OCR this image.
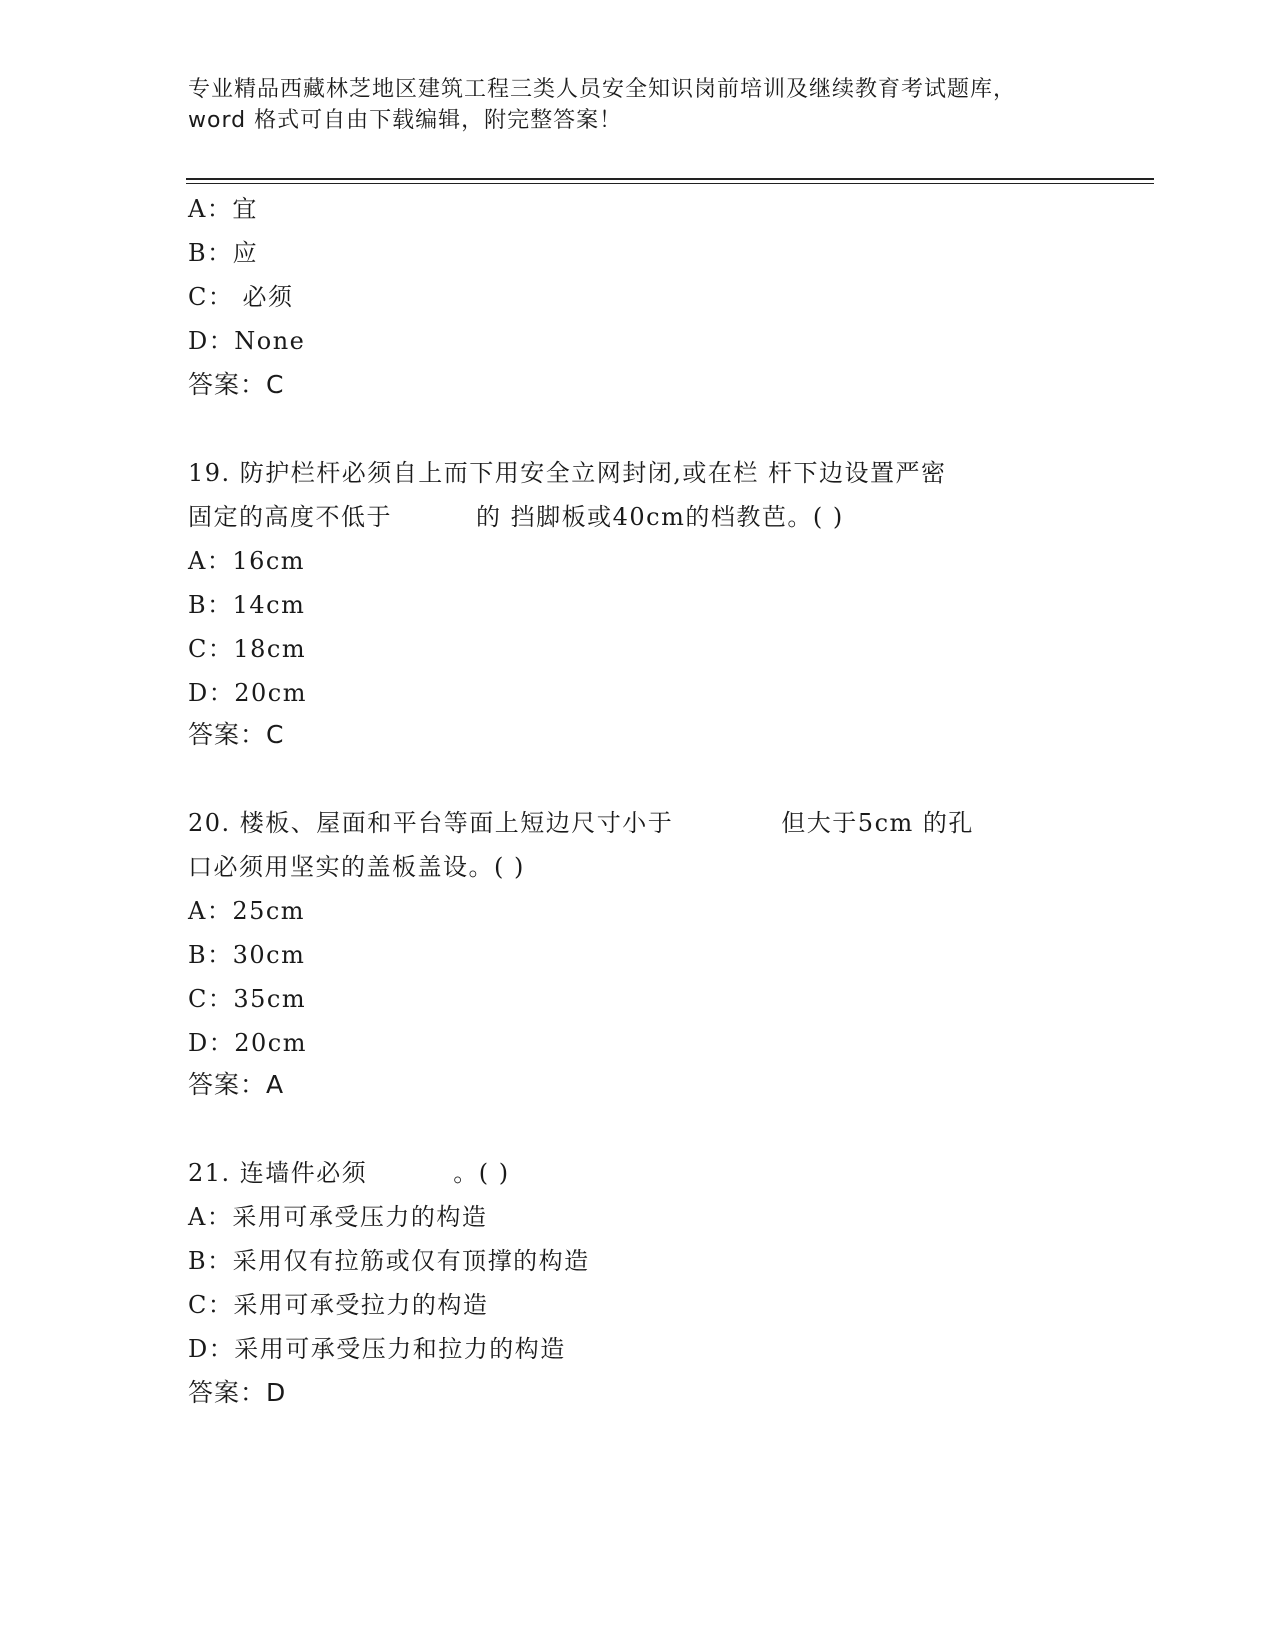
专业精品西藏林芝地区建筑工程三类人员安全知识岗前培训及继续教育考试题库，
word 格式可自由下载编辑，附完整答案！
A：宜
B：应
C： 必须
D：None
答案：C
19. 防护栏杆必须自上而下用安全立网封闭,或在栏 杆下边设置严密
固定的高度不低于	的 挡脚板或40cm的档教芭。( )
A：16cm
B：14cm
C：18cm
D：20cm
答案：C
20. 楼板、屋面和平台等面上短边尺寸小于	但大于5cm 的孔
口必须用坚实的盖板盖设。( )
A：25cm
B：30cm
C：35cm
D：20cm
答案：A
21. 连墙件必须	。( )
A：采用可承受压力的构造
B：采用仅有拉筋或仅有顶撑的构造
C：采用可承受拉力的构造
D：采用可承受压力和拉力的构造
答案：D
